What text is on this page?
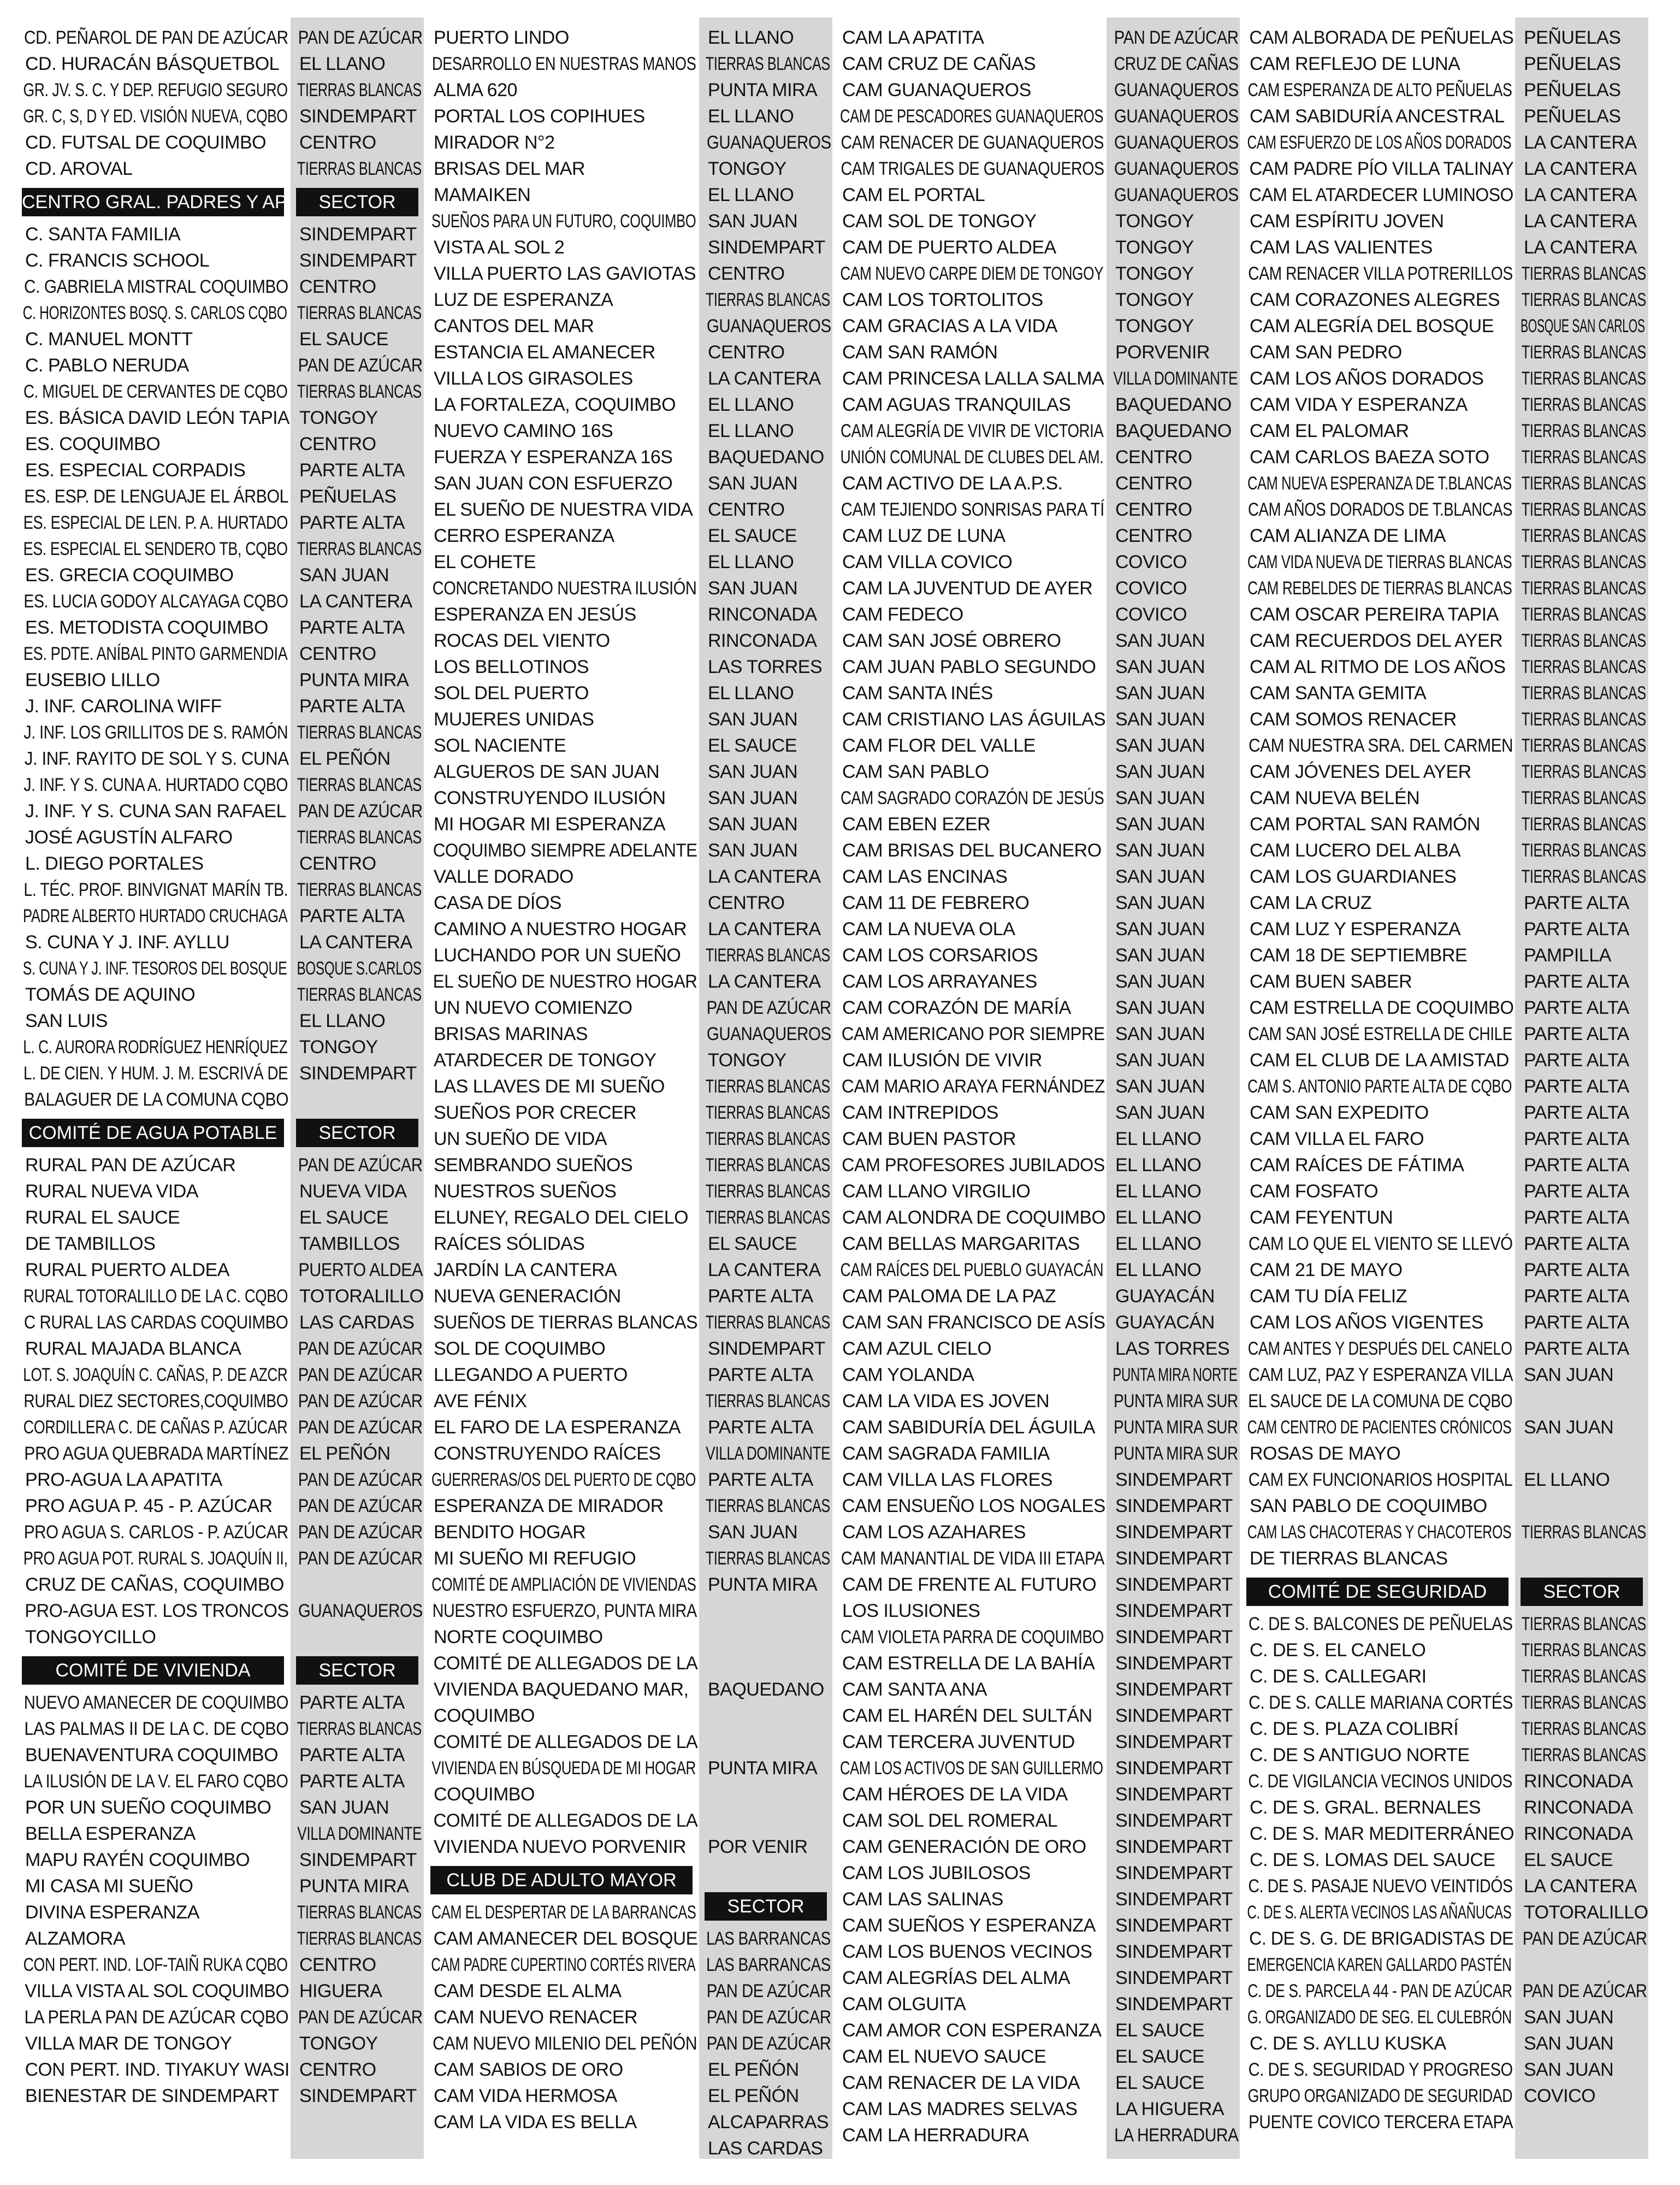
CD. PEÑAROL DE PAN DE AZÚCAR
CD. HURACÁN BÁSQUETBOL
GR. JV. S. C. Y DEP. REFUGIO SEGURO
GR. C, S, D Y ED. VISIÓN NUEVA, CQBO
CD. FUTSAL DE COQUIMBO
CD. AROVAL
CENTRO GRAL. PADRES Y AP
C. SANTA FAMILIA
C. FRANCIS SCHOOL
C. GABRIELA MISTRAL COQUIMBO
C. HORIZONTES BOSQ. S. CARLOS CQBO
C. MANUEL MONTT
C. PABLO NERUDA
C. MIGUEL DE CERVANTES DE CQBO
ES. BÁSICA DAVID LEÓN TAPIA
ES. COQUIMBO
ES. ESPECIAL CORPADIS
ES. ESP. DE LENGUAJE EL ÁRBOL
ES. ESPECIAL DE LEN. P. A. HURTADO
ES. ESPECIAL EL SENDERO TB, CQBO
ES. GRECIA COQUIMBO
ES. LUCIA GODOY ALCAYAGA CQBO
ES. METODISTA COQUIMBO
ES. PDTE. ANÍBAL PINTO GARMENDIA
EUSEBIO LILLO
J. INF. CAROLINA WIFF
J. INF. LOS GRILLITOS DE S. RAMÓN
J. INF. RAYITO DE SOL Y S. CUNA
J. INF. Y S. CUNA A. HURTADO CQBO
J. INF. Y S. CUNA SAN RAFAEL
JOSÉ AGUSTÍN ALFARO
L. DIEGO PORTALES
L. TÉC. PROF. BINVIGNAT MARÍN TB.
PADRE ALBERTO HURTADO CRUCHAGA
S. CUNA Y J. INF. AYLLU
S. CUNA Y J. INF. TESOROS DEL BOSQUE
TOMÁS DE AQUINO
SAN LUIS
L. C. AURORA RODRÍGUEZ HENRÍQUEZ
L. DE CIEN. Y HUM. J. M. ESCRIVÁ DE
BALAGUER DE LA COMUNA CQBO
COMITÉ DE AGUA POTABLE
RURAL PAN DE AZÚCAR
RURAL NUEVA VIDA
RURAL EL SAUCE
DE TAMBILLOS
RURAL PUERTO ALDEA
RURAL TOTORALILLO DE LA C. CQBO
C RURAL LAS CARDAS COQUIMBO
RURAL MAJADA BLANCA
LOT. S. JOAQUÍN C. CAÑAS, P. DE AZCR
RURAL DIEZ SECTORES,COQUIMBO
CORDILLERA C. DE CAÑAS P. AZÚCAR
PRO AGUA QUEBRADA MARTÍNEZ
PRO-AGUA LA APATITA
PRO AGUA P. 45 - P. AZÚCAR
PRO AGUA S. CARLOS - P. AZÚCAR
PRO AGUA POT. RURAL S. JOAQUÍN II,
CRUZ DE CAÑAS, COQUIMBO
PRO-AGUA EST. LOS TRONCOS
TONGOYCILLO
COMITÉ DE VIVIENDA
NUEVO AMANECER DE COQUIMBO
LAS PALMAS II DE LA C. DE CQBO
BUENAVENTURA COQUIMBO
LA ILUSIÓN DE LA V. EL FARO CQBO
POR UN SUEÑO COQUIMBO
BELLA ESPERANZA
MAPU RAYÉN COQUIMBO
MI CASA MI SUEÑO
DIVINA ESPERANZA
ALZAMORA
CON PERT. IND. LOF-TAIÑ RUKA CQBO
VILLA VISTA AL SOL COQUIMBO
LA PERLA PAN DE AZÚCAR CQBO
VILLA MAR DE TONGOY
CON PERT. IND. TIYAKUY WASI
BIENESTAR DE SINDEMPART
PAN DE AZÚCAR
EL LLANO
TIERRAS BLANCAS
SINDEMPART
CENTRO
TIERRAS BLANCAS
SECTOR
SINDEMPART
SINDEMPART
CENTRO
TIERRAS BLANCAS
EL SAUCE
PAN DE AZÚCAR
TIERRAS BLANCAS
TONGOY
CENTRO
PARTE ALTA
PEÑUELAS
PARTE ALTA
TIERRAS BLANCAS
SAN JUAN
LA CANTERA
PARTE ALTA
CENTRO
PUNTA MIRA
PARTE ALTA
TIERRAS BLANCAS
EL PEÑÓN
TIERRAS BLANCAS
PAN DE AZÚCAR
TIERRAS BLANCAS
CENTRO
TIERRAS BLANCAS
PARTE ALTA
LA CANTERA
BOSQUE S.CARLOS
TIERRAS BLANCAS
EL LLANO
TONGOY
SINDEMPART
SECTOR
PAN DE AZÚCAR
NUEVA VIDA
EL SAUCE
TAMBILLOS
PUERTO ALDEA
TOTORALILLO
LAS CARDAS
PAN DE AZÚCAR
PAN DE AZÚCAR
PAN DE AZÚCAR
PAN DE AZÚCAR
EL PEÑÓN
PAN DE AZÚCAR
PAN DE AZÚCAR
PAN DE AZÚCAR
PAN DE AZÚCAR
GUANAQUEROS
SECTOR
PARTE ALTA
TIERRAS BLANCAS
PARTE ALTA
PARTE ALTA
SAN JUAN
VILLA DOMINANTE
SINDEMPART
PUNTA MIRA
TIERRAS BLANCAS
TIERRAS BLANCAS
CENTRO
HIGUERA
PAN DE AZÚCAR
TONGOY
CENTRO
SINDEMPART
PUERTO LINDO
DESARROLLO EN NUESTRAS MANOS
ALMA 620
PORTAL LOS COPIHUES
MIRADOR N°2
BRISAS DEL MAR
MAMAIKEN
SUEÑOS PARA UN FUTURO, COQUIMBO
VISTA AL SOL 2
VILLA PUERTO LAS GAVIOTAS
LUZ DE ESPERANZA
CANTOS DEL MAR
ESTANCIA EL AMANECER
VILLA LOS GIRASOLES
LA FORTALEZA, COQUIMBO
NUEVO CAMINO 16S
FUERZA Y ESPERANZA 16S
SAN JUAN CON ESFUERZO
EL SUEÑO DE NUESTRA VIDA
CERRO ESPERANZA
EL COHETE
CONCRETANDO NUESTRA ILUSIÓN
ESPERANZA EN JESÚS
ROCAS DEL VIENTO
LOS BELLOTINOS
SOL DEL PUERTO
MUJERES UNIDAS
SOL NACIENTE
ALGUEROS DE SAN JUAN
CONSTRUYENDO ILUSIÓN
MI HOGAR MI ESPERANZA
COQUIMBO SIEMPRE ADELANTE
VALLE DORADO
CASA DE DÍOS
CAMINO A NUESTRO HOGAR
LUCHANDO POR UN SUEÑO
EL SUEÑO DE NUESTRO HOGAR
UN NUEVO COMIENZO
BRISAS MARINAS
ATARDECER DE TONGOY
LAS LLAVES DE MI SUEÑO
SUEÑOS POR CRECER
UN SUEÑO DE VIDA
SEMBRANDO SUEÑOS
NUESTROS SUEÑOS
ELUNEY, REGALO DEL CIELO
RAÍCES SÓLIDAS
JARDÍN LA CANTERA
NUEVA GENERACIÓN
SUEÑOS DE TIERRAS BLANCAS
SOL DE COQUIMBO
LLEGANDO A PUERTO
AVE FÉNIX
EL FARO DE LA ESPERANZA
CONSTRUYENDO RAÍCES
GUERRERAS/OS DEL PUERTO DE CQBO
ESPERANZA DE MIRADOR
BENDITO HOGAR
MI SUEÑO MI REFUGIO
COMITÉ DE AMPLIACIÓN DE VIVIENDAS
NUESTRO ESFUERZO, PUNTA MIRA
NORTE COQUIMBO
COMITÉ DE ALLEGADOS DE LA
VIVIENDA BAQUEDANO MAR,
COQUIMBO
COMITÉ DE ALLEGADOS DE LA
VIVIENDA EN BÚSQUEDA DE MI HOGAR
COQUIMBO
COMITÉ DE ALLEGADOS DE LA
VIVIENDA NUEVO PORVENIR
CLUB DE ADULTO MAYOR
CAM EL DESPERTAR DE LA BARRANCAS
CAM AMANECER DEL BOSQUE
CAM PADRE CUPERTINO CORTÉS RIVERA
CAM DESDE EL ALMA
CAM NUEVO RENACER
CAM NUEVO MILENIO DEL PEÑÓN
CAM SABIOS DE ORO
CAM VIDA HERMOSA
CAM LA VIDA ES BELLA
EL LLANO
TIERRAS BLANCAS
PUNTA MIRA
EL LLANO
GUANAQUEROS
TONGOY
EL LLANO
SAN JUAN
SINDEMPART
CENTRO
TIERRAS BLANCAS
GUANAQUEROS
CENTRO
LA CANTERA
EL LLANO
EL LLANO
BAQUEDANO
SAN JUAN
CENTRO
EL SAUCE
EL LLANO
SAN JUAN
RINCONADA
RINCONADA
LAS TORRES
EL LLANO
SAN JUAN
EL SAUCE
SAN JUAN
SAN JUAN
SAN JUAN
SAN JUAN
LA CANTERA
CENTRO
LA CANTERA
TIERRAS BLANCAS
LA CANTERA
PAN DE AZÚCAR
GUANAQUEROS
TONGOY
TIERRAS BLANCAS
TIERRAS BLANCAS
TIERRAS BLANCAS
TIERRAS BLANCAS
TIERRAS BLANCAS
TIERRAS BLANCAS
EL SAUCE
LA CANTERA
PARTE ALTA
TIERRAS BLANCAS
SINDEMPART
PARTE ALTA
TIERRAS BLANCAS
PARTE ALTA
VILLA DOMINANTE
PARTE ALTA
TIERRAS BLANCAS
SAN JUAN
TIERRAS BLANCAS
PUNTA MIRA
BAQUEDANO
PUNTA MIRA
POR VENIR
SECTOR
LAS BARRANCAS
LAS BARRANCAS
PAN DE AZÚCAR
PAN DE AZÚCAR
PAN DE AZÚCAR
EL PEÑÓN
EL PEÑÓN
ALCAPARRAS
LAS CARDAS
CAM LA APATITA
CAM CRUZ DE CAÑAS
CAM GUANAQUEROS
CAM DE PESCADORES GUANAQUEROS
CAM RENACER DE GUANAQUEROS
CAM TRIGALES DE GUANAQUEROS
CAM EL PORTAL
CAM SOL DE TONGOY
CAM DE PUERTO ALDEA
CAM NUEVO CARPE DIEM DE TONGOY
CAM LOS TORTOLITOS
CAM GRACIAS A LA VIDA
CAM SAN RAMÓN
CAM PRINCESA LALLA SALMA
CAM AGUAS TRANQUILAS
CAM ALEGRÍA DE VIVIR DE VICTORIA
UNIÓN COMUNAL DE CLUBES DEL AM.
CAM ACTIVO DE LA A.P.S.
CAM TEJIENDO SONRISAS PARA TÍ
CAM LUZ DE LUNA
CAM VILLA COVICO
CAM LA JUVENTUD DE AYER
CAM FEDECO
CAM SAN JOSÉ OBRERO
CAM JUAN PABLO SEGUNDO
CAM SANTA INÉS
CAM CRISTIANO LAS ÁGUILAS
CAM FLOR DEL VALLE
CAM SAN PABLO
CAM SAGRADO CORAZÓN DE JESÚS
CAM EBEN EZER
CAM BRISAS DEL BUCANERO
CAM LAS ENCINAS
CAM 11 DE FEBRERO
CAM LA NUEVA OLA
CAM LOS CORSARIOS
CAM LOS ARRAYANES
CAM CORAZÓN DE MARÍA
CAM AMERICANO POR SIEMPRE
CAM ILUSIÓN DE VIVIR
CAM MARIO ARAYA FERNÁNDEZ
CAM INTREPIDOS
CAM BUEN PASTOR
CAM PROFESORES JUBILADOS
CAM LLANO VIRGILIO
CAM ALONDRA DE COQUIMBO
CAM BELLAS MARGARITAS
CAM RAÍCES DEL PUEBLO GUAYACÁN
CAM PALOMA DE LA PAZ
CAM SAN FRANCISCO DE ASÍS
CAM AZUL CIELO
CAM YOLANDA
CAM LA VIDA ES JOVEN
CAM SABIDURÍA DEL ÁGUILA
CAM SAGRADA FAMILIA
CAM VILLA LAS FLORES
CAM ENSUEÑO LOS NOGALES
CAM LOS AZAHARES
CAM MANANTIAL DE VIDA III ETAPA
CAM DE FRENTE AL FUTURO
LOS ILUSIONES
CAM VIOLETA PARRA DE COQUIMBO
CAM ESTRELLA DE LA BAHÍA
CAM SANTA ANA
CAM EL HARÉN DEL SULTÁN
CAM TERCERA JUVENTUD
CAM LOS ACTIVOS DE SAN GUILLERMO
CAM HÉROES DE LA VIDA
CAM SOL DEL ROMERAL
CAM GENERACIÓN DE ORO
CAM LOS JUBILOSOS
CAM LAS SALINAS
CAM SUEÑOS Y ESPERANZA
CAM LOS BUENOS VECINOS
CAM ALEGRÍAS DEL ALMA
CAM OLGUITA
CAM AMOR CON ESPERANZA
CAM EL NUEVO SAUCE
CAM RENACER DE LA VIDA
CAM LAS MADRES SELVAS
CAM LA HERRADURA
PAN DE AZÚCAR
CRUZ DE CAÑAS
GUANAQUEROS
GUANAQUEROS
GUANAQUEROS
GUANAQUEROS
GUANAQUEROS
TONGOY
TONGOY
TONGOY
TONGOY
TONGOY
PORVENIR
VILLA DOMINANTE
BAQUEDANO
BAQUEDANO
CENTRO
CENTRO
CENTRO
CENTRO
COVICO
COVICO
COVICO
SAN JUAN
SAN JUAN
SAN JUAN
SAN JUAN
SAN JUAN
SAN JUAN
SAN JUAN
SAN JUAN
SAN JUAN
SAN JUAN
SAN JUAN
SAN JUAN
SAN JUAN
SAN JUAN
SAN JUAN
SAN JUAN
SAN JUAN
SAN JUAN
SAN JUAN
EL LLANO
EL LLANO
EL LLANO
EL LLANO
EL LLANO
EL LLANO
GUAYACÁN
GUAYACÁN
LAS TORRES
PUNTA MIRA NORTE
PUNTA MIRA SUR
PUNTA MIRA SUR
PUNTA MIRA SUR
SINDEMPART
SINDEMPART
SINDEMPART
SINDEMPART
SINDEMPART
SINDEMPART
SINDEMPART
SINDEMPART
SINDEMPART
SINDEMPART
SINDEMPART
SINDEMPART
SINDEMPART
SINDEMPART
SINDEMPART
SINDEMPART
SINDEMPART
SINDEMPART
SINDEMPART
SINDEMPART
SINDEMPART
EL SAUCE
EL SAUCE
EL SAUCE
LA HIGUERA
LA HERRADURA
CAM ALBORADA DE PEÑUELAS
CAM REFLEJO DE LUNA
CAM ESPERANZA DE ALTO PEÑUELAS
CAM SABIDURÍA ANCESTRAL
CAM ESFUERZO DE LOS AÑOS DORADOS
CAM PADRE PÍO VILLA TALINAY
CAM EL ATARDECER LUMINOSO
CAM ESPÍRITU JOVEN
CAM LAS VALIENTES
CAM RENACER VILLA POTRERILLOS
CAM CORAZONES ALEGRES
CAM ALEGRÍA DEL BOSQUE
CAM SAN PEDRO
CAM LOS AÑOS DORADOS
CAM VIDA Y ESPERANZA
CAM EL PALOMAR
CAM CARLOS BAEZA SOTO
CAM NUEVA ESPERANZA DE T.BLANCAS
CAM AÑOS DORADOS DE T.BLANCAS
CAM ALIANZA DE LIMA
CAM VIDA NUEVA DE TIERRAS BLANCAS
CAM REBELDES DE TIERRAS BLANCAS
CAM OSCAR PEREIRA TAPIA
CAM RECUERDOS DEL AYER
CAM AL RITMO DE LOS AÑOS
CAM SANTA GEMITA
CAM SOMOS RENACER
CAM NUESTRA SRA. DEL CARMEN
CAM JÓVENES DEL AYER
CAM NUEVA BELÉN
CAM PORTAL SAN RAMÓN
CAM LUCERO DEL ALBA
CAM LOS GUARDIANES
CAM LA CRUZ
CAM LUZ Y ESPERANZA
CAM 18 DE SEPTIEMBRE
CAM BUEN SABER
CAM ESTRELLA DE COQUIMBO
CAM SAN JOSÉ ESTRELLA DE CHILE
CAM EL CLUB DE LA AMISTAD
CAM S. ANTONIO PARTE ALTA DE CQBO
CAM SAN EXPEDITO
CAM VILLA EL FARO
CAM RAÍCES DE FÁTIMA
CAM FOSFATO
CAM FEYENTUN
CAM LO QUE EL VIENTO SE LLEVÓ
CAM 21 DE MAYO
CAM TU DÍA FELIZ
CAM LOS AÑOS VIGENTES
CAM ANTES Y DESPUÉS DEL CANELO
CAM LUZ, PAZ Y ESPERANZA VILLA
EL SAUCE DE LA COMUNA DE CQBO
CAM CENTRO DE PACIENTES CRÓNICOS
ROSAS DE MAYO
CAM EX FUNCIONARIOS HOSPITAL
SAN PABLO DE COQUIMBO
CAM LAS CHACOTERAS Y CHACOTEROS
DE TIERRAS BLANCAS
COMITÉ DE SEGURIDAD
C. DE S. BALCONES DE PEÑUELAS
C. DE S. EL CANELO
C. DE S. CALLEGARI
C. DE S. CALLE MARIANA CORTÉS
C. DE S. PLAZA COLIBRÍ
C. DE S ANTIGUO NORTE
C. DE VIGILANCIA VECINOS UNIDOS
C. DE S. GRAL. BERNALES
C. DE S. MAR MEDITERRÁNEO
C. DE S. LOMAS DEL SAUCE
C. DE S. PASAJE NUEVO VEINTIDÓS
C. DE S. ALERTA VECINOS LAS AÑAÑUCAS
C. DE S. G. DE BRIGADISTAS DE
EMERGENCIA KAREN GALLARDO PASTÉN
C. DE S. PARCELA 44 - PAN DE AZÚCAR
G. ORGANIZADO DE SEG. EL CULEBRÓN
C. DE S. AYLLU KUSKA
C. DE S. SEGURIDAD Y PROGRESO
GRUPO ORGANIZADO DE SEGURIDAD
PUENTE COVICO TERCERA ETAPA
PEÑUELAS
PEÑUELAS
PEÑUELAS
PEÑUELAS
LA CANTERA
LA CANTERA
LA CANTERA
LA CANTERA
LA CANTERA
TIERRAS BLANCAS
TIERRAS BLANCAS
BOSQUE SAN CARLOS
TIERRAS BLANCAS
TIERRAS BLANCAS
TIERRAS BLANCAS
TIERRAS BLANCAS
TIERRAS BLANCAS
TIERRAS BLANCAS
TIERRAS BLANCAS
TIERRAS BLANCAS
TIERRAS BLANCAS
TIERRAS BLANCAS
TIERRAS BLANCAS
TIERRAS BLANCAS
TIERRAS BLANCAS
TIERRAS BLANCAS
TIERRAS BLANCAS
TIERRAS BLANCAS
TIERRAS BLANCAS
TIERRAS BLANCAS
TIERRAS BLANCAS
TIERRAS BLANCAS
TIERRAS BLANCAS
PARTE ALTA
PARTE ALTA
PAMPILLA
PARTE ALTA
PARTE ALTA
PARTE ALTA
PARTE ALTA
PARTE ALTA
PARTE ALTA
PARTE ALTA
PARTE ALTA
PARTE ALTA
PARTE ALTA
PARTE ALTA
PARTE ALTA
PARTE ALTA
PARTE ALTA
PARTE ALTA
SAN JUAN
SAN JUAN
EL LLANO
TIERRAS BLANCAS
SECTOR
TIERRAS BLANCAS
TIERRAS BLANCAS
TIERRAS BLANCAS
TIERRAS BLANCAS
TIERRAS BLANCAS
TIERRAS BLANCAS
RINCONADA
RINCONADA
RINCONADA
EL SAUCE
LA CANTERA
TOTORALILLO
PAN DE AZÚCAR
PAN DE AZÚCAR
SAN JUAN
SAN JUAN
SAN JUAN
COVICO
